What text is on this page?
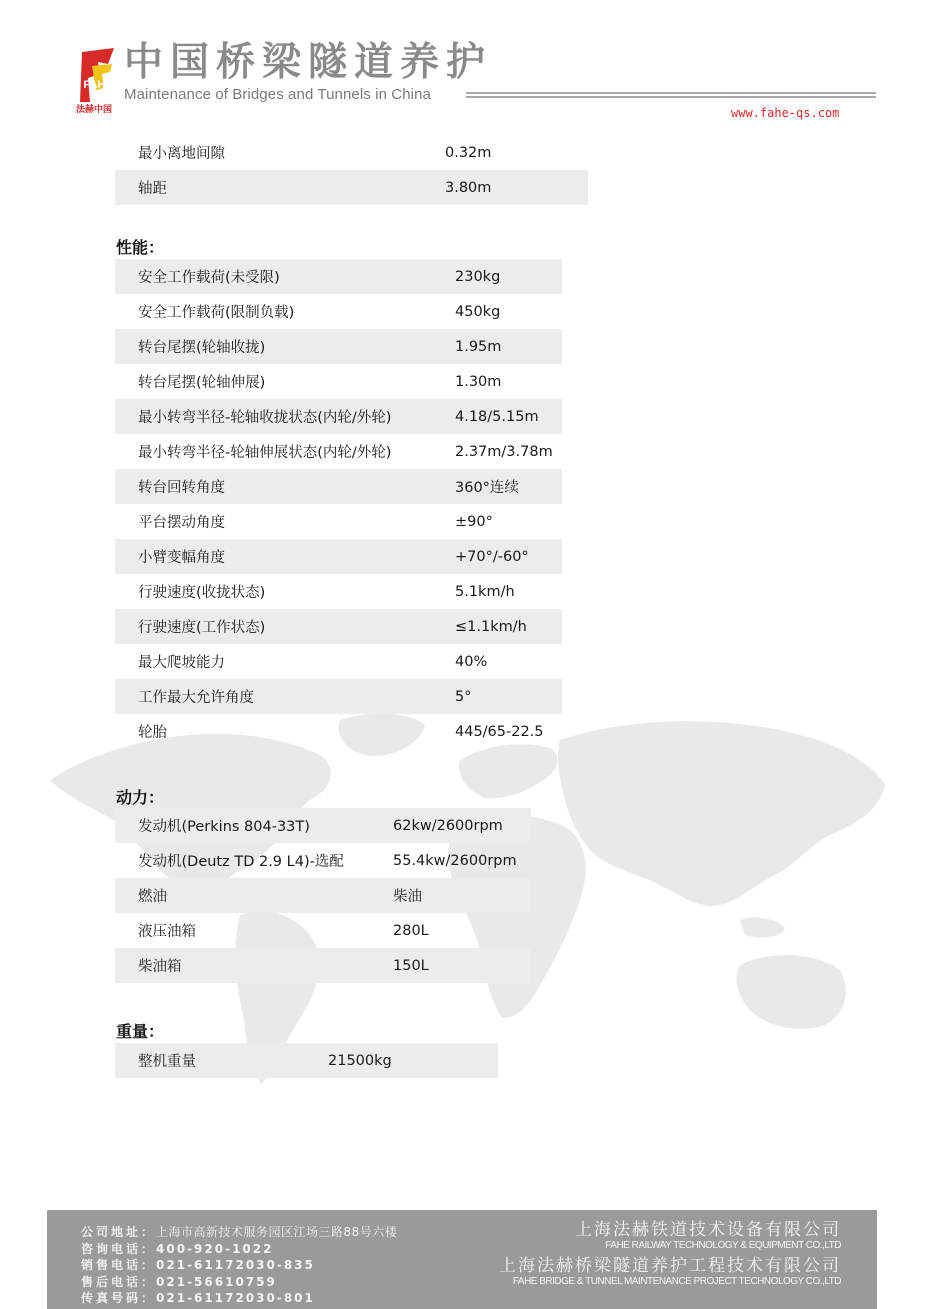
FAHE
法赫中国
中国桥梁隧道养护
Maintenance of Bridges and Tunnels in China
www.fahe-qs.com
最小离地间隙	0.32m
轴距	3.80m
性能：
安全工作载荷(未受限)	230kg
安全工作载荷(限制负载)	450kg
转台尾摆(轮轴收拢)	1.95m
转台尾摆(轮轴伸展)	1.30m
最小转弯半径-轮轴收拢状态(内轮/外轮)	4.18/5.15m
最小转弯半径-轮轴伸展状态(内轮/外轮)	2.37m/3.78m
转台回转角度	360°连续
平台摆动角度	±90°
小臂变幅角度	+70°/-60°
行驶速度(收拢状态)	5.1km/h
行驶速度(工作状态)	≤1.1km/h
最大爬坡能力	40%
工作最大允许角度	5°
轮胎	445/65-22.5
动力：
发动机(Perkins 804-33T)	62kw/2600rpm
发动机(Deutz TD 2.9 L4)-选配	55.4kw/2600rpm
燃油	柴油
液压油箱	280L
柴油箱	150L
重量：
整机重量	21500kg
公司地址：上海市高新技术服务园区江场三路88号六楼
咨询电话：400-920-1022
销售电话：021-61172030-835
售后电话：021-56610759
传真号码：021-61172030-801
上海法赫铁道技术设备有限公司
FAHE RAILWAY TECHNOLOGY & EQUIPMENT CO.,LTD
上海法赫桥梁隧道养护工程技术有限公司
FAHE BRIDGE & TUNNEL MAINTENANCE PROJECT TECHNOLOGY CO.,LTD
